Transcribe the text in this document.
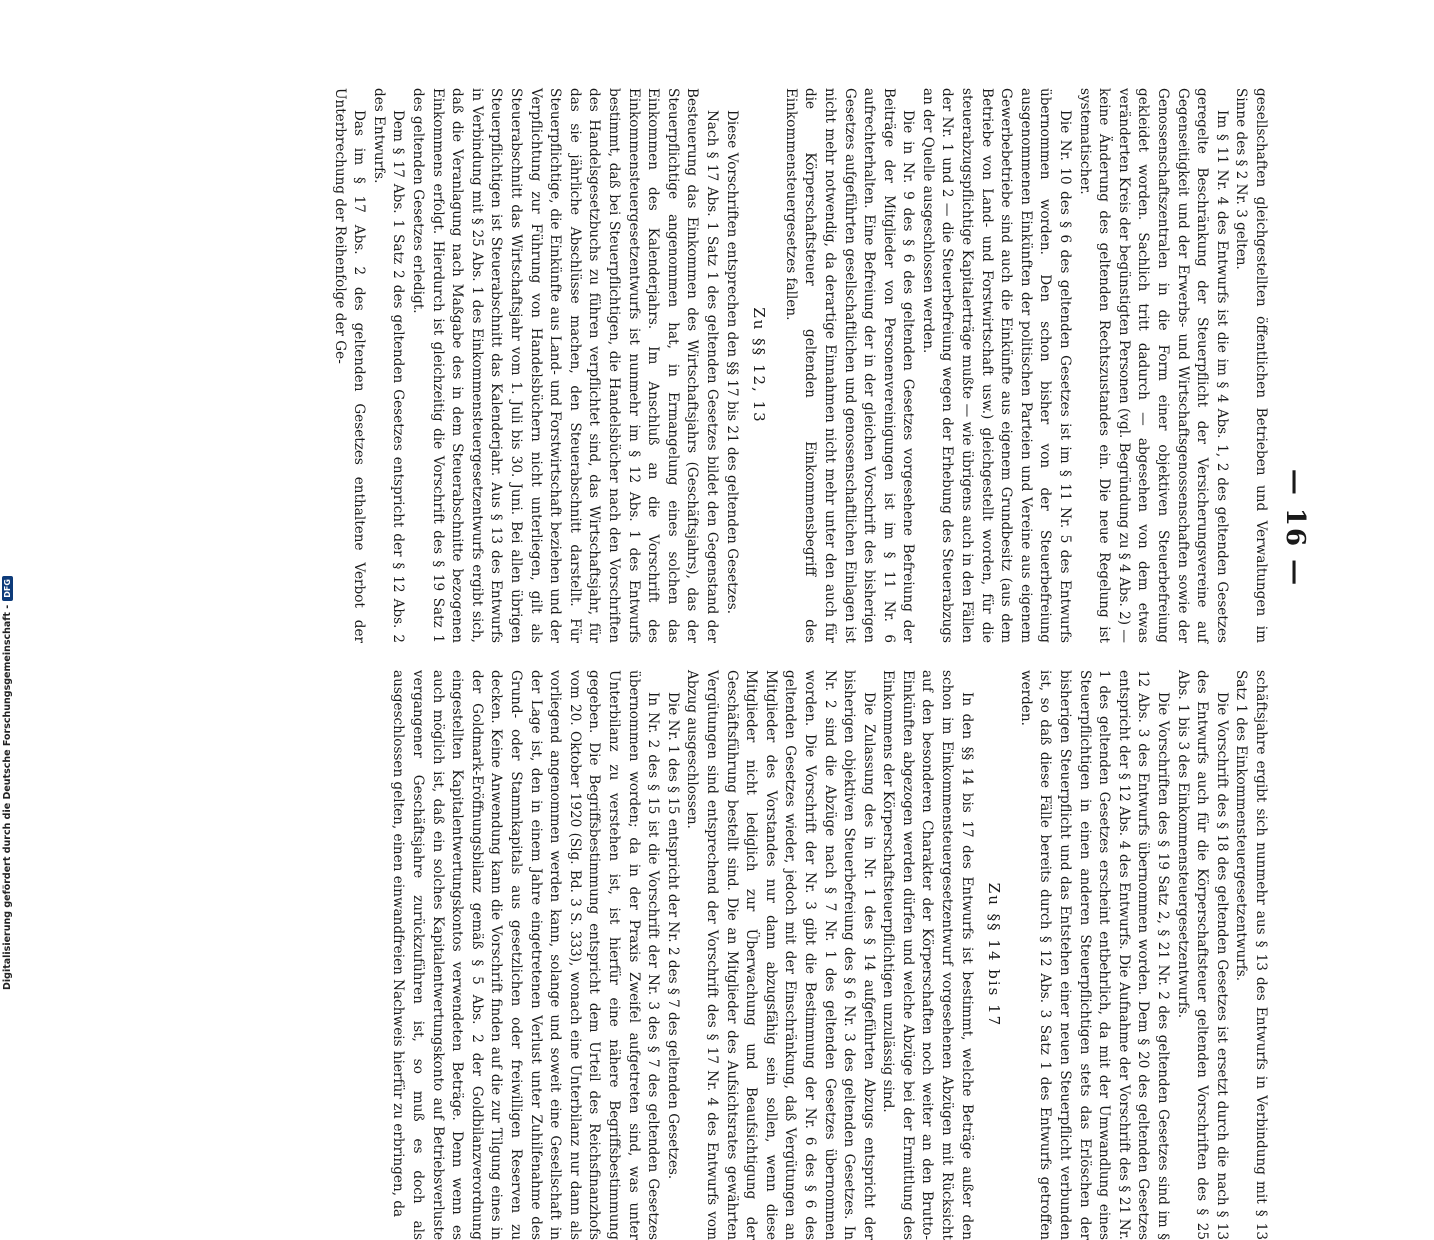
Digitalisierung gefördert durch die Deutsche Forschungsgemeinschaft -
DFG
— 16 —

gesellschaften gleichgestellten öffentlichen Betrieben und Verwaltungen im Sinne des § 2 Nr. 3 gelten.

Im § 11 Nr. 4 des Entwurfs ist die im § 4 Abs. 1, 2 des geltenden Gesetzes geregelte Beschränkung der Steuerpflicht der Versicherungsvereine auf Gegenseitigkeit und der Erwerbs- und Wirtschaftsgenossenschaften sowie der Genossenschaftszentralen in die Form einer objektiven Steuerbefreiung gekleidet worden. Sachlich tritt dadurch — abgesehen von dem etwas veränderten Kreis der begünstigten Personen (vgl. Begründung zu § 4 Abs. 2) — keine Änderung des geltenden Rechtszustandes ein. Die neue Regelung ist systematischer.

Die Nr. 10 des § 6 des geltenden Gesetzes ist im § 11 Nr. 5 des Entwurfs übernommen worden. Den schon bisher von der Steuerbefreiung ausgenommenen Einkünften der politischen Parteien und Vereine aus eigenem Gewerbebetriebe sind auch die Einkünfte aus eigenem Grundbesitz (aus dem Betriebe von Land- und Forstwirtschaft usw.) gleichgestellt worden, für die steuerabzugspflichtige Kapitalerträge mußte — wie übrigens auch in den Fällen der Nr. 1 und 2 — die Steuerbefreiung wegen der Erhebung des Steuerabzugs an der Quelle ausgeschlossen werden.

Die in Nr. 9 des § 6 des geltenden Gesetzes vorgesehene Befreiung der Beiträge der Mitglieder von Personenvereinigungen ist im § 11 Nr. 6 aufrechterhalten. Eine Befreiung der in der gleichen Vorschrift des bisherigen Gesetzes aufgeführten gesellschaftlichen und genossenschaftlichen Einlagen ist nicht mehr notwendig, da derartige Einnahmen nicht mehr unter den auch für die Körperschaftsteuer geltenden Einkommensbegriff des Einkommensteuergesetzes fallen.

Zu §§ 12, 13

Diese Vorschriften entsprechen den §§ 17 bis 21 des geltenden Gesetzes.

Nach § 17 Abs. 1 Satz 1 des geltenden Gesetzes bildet den Gegenstand der Besteuerung das Einkommen des Wirtschaftsjahrs (Geschäftsjahrs), das der Steuerpflichtige angenommen hat, in Ermangelung eines solchen das Einkommen des Kalenderjahrs. Im Anschluß an die Vorschrift des Einkommensteuergesetzentwurfs ist nunmehr im § 12 Abs. 1 des Entwurfs bestimmt, daß bei Steuerpflichtigen, die Handelsbücher nach den Vorschriften des Handelsgesetzbuchs zu führen verpflichtet sind, das Wirtschaftsjahr, für das sie jährliche Abschlüsse machen, den Steuerabschnitt darstellt. Für Steuerpflichtige, die Einkünfte aus Land- und Forstwirtschaft beziehen und der Verpflichtung zur Führung von Handelsbüchern nicht unterliegen, gilt als Steuerabschnitt das Wirtschaftsjahr vom 1. Juli bis 30. Juni. Bei allen übrigen Steuerpflichtigen ist Steuerabschnitt das Kalenderjahr. Aus § 13 des Entwurfs in Verbindung mit § 25 Abs. 1 des Einkommensteuergesetzentwurfs ergibt sich, daß die Veranlagung nach Maßgabe des in dem Steuerabschnitte bezogenen Einkommens erfolgt. Hierdurch ist gleichzeitig die Vorschrift des § 19 Satz 1 des geltenden Gesetzes erledigt.

Dem § 17 Abs. 1 Satz 2 des geltenden Gesetzes entspricht der § 12 Abs. 2 des Entwurfs.

Das im § 17 Abs. 2 des geltenden Gesetzes enthaltene Verbot der Unterbrechung der Reihenfolge der Ge-

schäftsjahre ergibt sich nunmehr aus § 13 des Entwurfs in Verbindung mit § 13 Satz 1 des Einkommensteuergesetzentwurfs.

Die Vorschrift des § 18 des geltenden Gesetzes ist ersetzt durch die nach § 13 des Entwurfs auch für die Körperschaftsteuer geltenden Vorschriften des § 25 Abs. 1 bis 3 des Einkommensteuergesetzentwurfs.

Die Vorschriften des § 19 Satz 2, § 21 Nr. 2 des geltenden Gesetzes sind im § 12 Abs. 3 des Entwurfs übernommen worden. Dem § 20 des geltenden Gesetzes entspricht der § 12 Abs. 4 des Entwurfs. Die Aufnahme der Vorschrift des § 21 Nr. 1 des geltenden Gesetzes erscheint entbehrlich, da mit der Umwandlung eines Steuerpflichtigen in einen anderen Steuerpflichtigen stets das Erlöschen der bisherigen Steuerpflicht und das Entstehen einer neuen Steuerpflicht verbunden ist, so daß diese Fälle bereits durch § 12 Abs. 3 Satz 1 des Entwurfs getroffen werden.

Zu §§ 14 bis 17

In den §§ 14 bis 17 des Entwurfs ist bestimmt, welche Beträge außer den schon im Einkommensteuergesetzentwurf vorgesehenen Abzügen mit Rücksicht auf den besonderen Charakter der Körperschaften noch weiter an den Brutto-Einkünften abgezogen werden dürfen und welche Abzüge bei der Ermittlung des Einkommens der Körperschaftsteuerpflichtigen unzulässig sind.

Die Zulassung des in Nr. 1 des § 14 aufgeführten Abzugs entspricht der bisherigen objektiven Steuerbefreiung des § 6 Nr. 3 des geltenden Gesetzes. In Nr. 2 sind die Abzüge nach § 7 Nr. 1 des geltenden Gesetzes übernommen worden. Die Vorschrift der Nr. 3 gibt die Bestimmung der Nr. 6 des § 6 des geltenden Gesetzes wieder, jedoch mit der Einschränkung, daß Vergütungen an Mitglieder des Vorstandes nur dann abzugsfähig sein sollen, wenn diese Mitglieder nicht lediglich zur Überwachung und Beaufsichtigung der Geschäftsführung bestellt sind. Die an Mitglieder des Aufsichtsrates gewährten Vergütungen sind entsprechend der Vorschrift des § 17 Nr. 4 des Entwurfs vom Abzug ausgeschlossen.

Die Nr. 1 des § 15 entspricht der Nr. 2 des § 7 des geltenden Gesetzes.

In Nr. 2 des § 15 ist die Vorschrift der Nr. 3 des § 7 des geltenden Gesetzes übernommen worden; da in der Praxis Zweifel aufgetreten sind, was unter Unterbilanz zu verstehen ist, ist hierfür eine nähere Begriffsbestimmung gegeben. Die Begriffsbestimmung entspricht dem Urteil des Reichsfinanzhofs vom 20. Oktober 1920 (Slg. Bd. 3 S. 333), wonach eine Unterbilanz nur dann als vorliegend angenommen werden kann, solange und soweit eine Gesellschaft in der Lage ist, den in einem Jahre eingetretenen Verlust unter Zuhilfenahme des Grund- oder Stammkapitals aus gesetzlichen oder freiwilligen Reserven zu decken. Keine Anwendung kann die Vorschrift finden auf die zur Tilgung eines in der Goldmark-Eröffnungsbilanz gemäß § 5 Abs. 2 der Goldbilanzverordnung eingestellten Kapitalentwertungskontos verwendeten Beträge. Denn wenn es auch möglich ist, daß ein solches Kapitalentwertungskonto auf Betriebsverluste vergangener Geschäftsjahre zurückzuführen ist, so muß es doch als ausgeschlossen gelten, einen einwandfreien Nachweis hierfür zu erbringen, da
